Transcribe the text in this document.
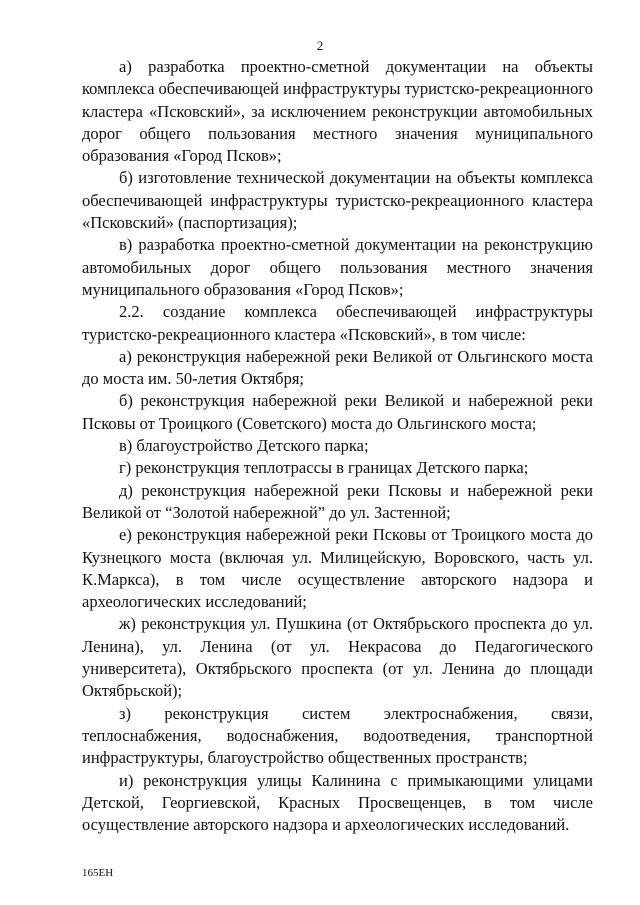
2

а) разработка проектно-сметной документации на объекты комплекса обеспечивающей инфраструктуры туристско-рекреационного кластера «Псковский», за исключением реконструкции автомобильных дорог общего пользования местного значения муниципального образования «Город Псков»;

б) изготовление технической документации на объекты комплекса обеспечивающей инфраструктуры туристско-рекреационного кластера «Псковский» (паспортизация);

в) разработка проектно-сметной документации на реконструкцию автомобильных дорог общего пользования местного значения муниципального образования «Город Псков»;

2.2. создание комплекса обеспечивающей инфраструктуры туристско-рекреационного кластера «Псковский», в том числе:

а) реконструкция набережной реки Великой от Ольгинского моста до моста им. 50-летия Октября;

б) реконструкция набережной реки Великой и набережной реки Псковы от Троицкого (Советского) моста до Ольгинского моста;

в) благоустройство Детского парка;

г) реконструкция теплотрассы в границах Детского парка;

д) реконструкция набережной реки Псковы и набережной реки Великой от “Золотой набережной” до ул. Застенной;

е) реконструкция набережной реки Псковы от Троицкого моста до Кузнецкого моста (включая ул. Милицейскую, Воровского, часть ул. К.Маркса), в том числе осуществление авторского надзора и археологических исследований;

ж) реконструкция ул. Пушкина (от Октябрьского проспекта до ул. Ленина), ул. Ленина (от ул. Некрасова до Педагогического университета), Октябрьского проспекта (от ул. Ленина до площади Октябрьской);

з) реконструкция систем электроснабжения, связи, теплоснабжения, водоснабжения, водоотведения, транспортной инфраструктуры, благоустройство общественных пространств;

и) реконструкция улицы Калинина с примыкающими улицами Детской, Георгиевской, Красных Просвещенцев, в том числе осуществление авторского надзора и археологических исследований.

165ЕН
